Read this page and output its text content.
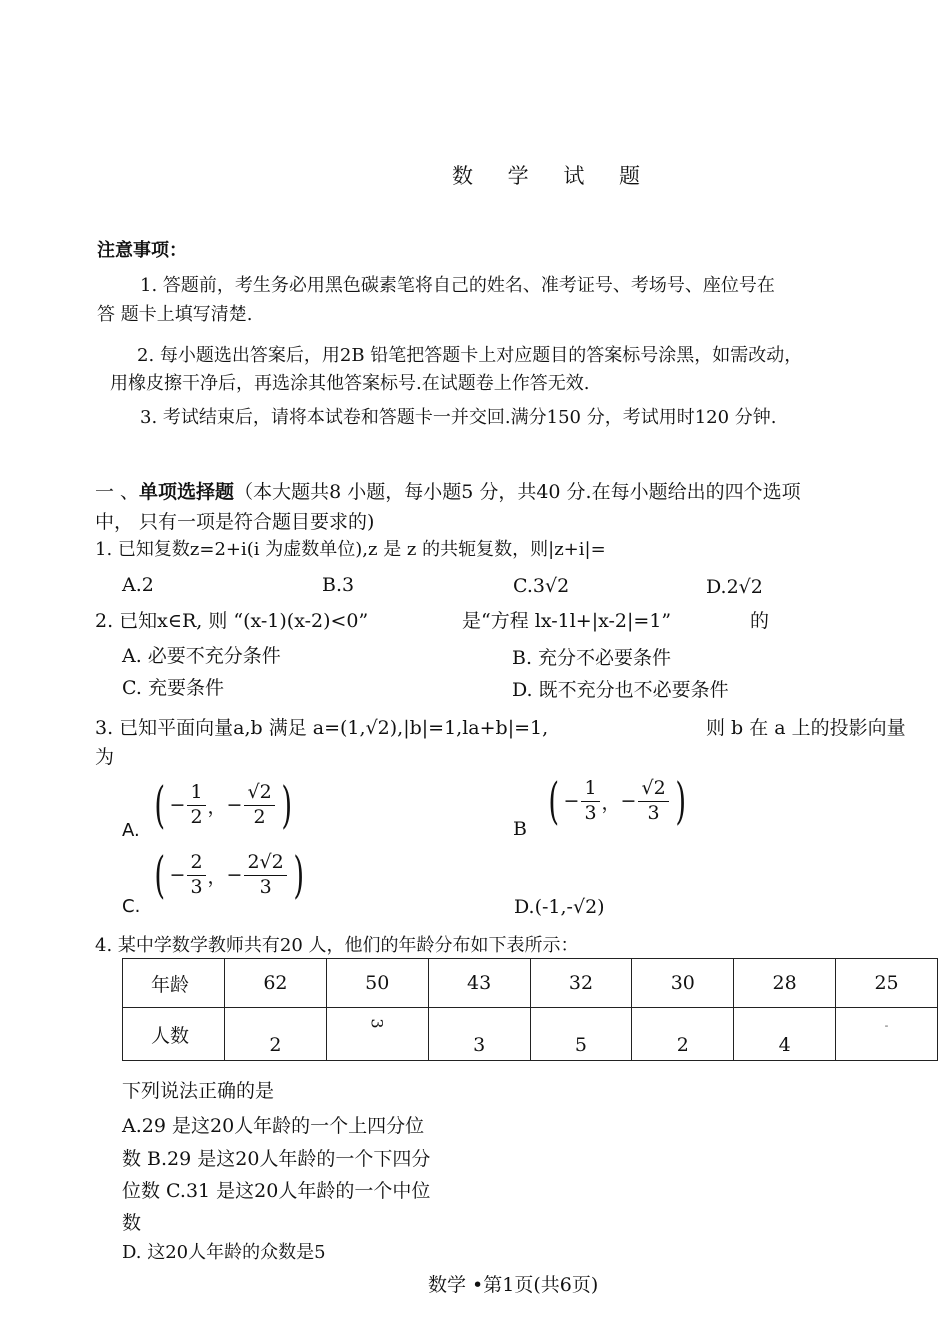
数 学 试 题
注意事项：
1. 答题前，考生务必用黑色碳素笔将自己的姓名、准考证号、考场号、座位号在
答 题卡上填写清楚.
2. 每小题选出答案后，用2B 铅笔把答题卡上对应题目的答案标号涂黑，如需改动，
用橡皮擦干净后，再选涂其他答案标号.在试题卷上作答无效.
3. 考试结束后，请将本试卷和答题卡一并交回.满分150 分，考试用时120 分钟.
一 、单项选择题（本大题共8 小题，每小题5 分，共40 分.在每小题给出的四个选项
中， 只有一项是符合题目要求的)
1. 已知复数z=2+i(i 为虚数单位),z 是 z 的共轭复数，则|z+i|=
A.2	B.3	C.3√2	D.2√2
2. 已知x∈R, 则 “(x-1)(x-2)<0”	是“方程 lx-1l+|x-2|=1”	的
A. 必要不充分条件	B. 充分不必要条件
C. 充要条件	D. 既不充分也不必要条件
3. 已知平面向量a,b 满足 a=(1,√2),|b|=1,la+b|=1,	则 b 在 a 上的投影向量
为
A. ( − $\frac{1}{2}$ ， − $\frac{√2}{2}$ )	B ( − $\frac{1}{3}$ ， − $\frac{√2}{3}$ )
C.
( − $\frac{2}{3}$ ， − $\frac{2√2}{3}$ )
D.(-1,-√2)
4. 某中学数学教师共有20 人，他们的年龄分布如下表所示：
年龄	62	50	43	32	30	28	25
人数	2	3	3	5	2	4	-
下列说法正确的是
A.29 是这20人年龄的一个上四分位
数 B.29 是这20人年龄的一个下四分
位数 C.31 是这20人年龄的一个中位
数
D. 这20人年龄的众数是5
数学 •第1页(共6页)
